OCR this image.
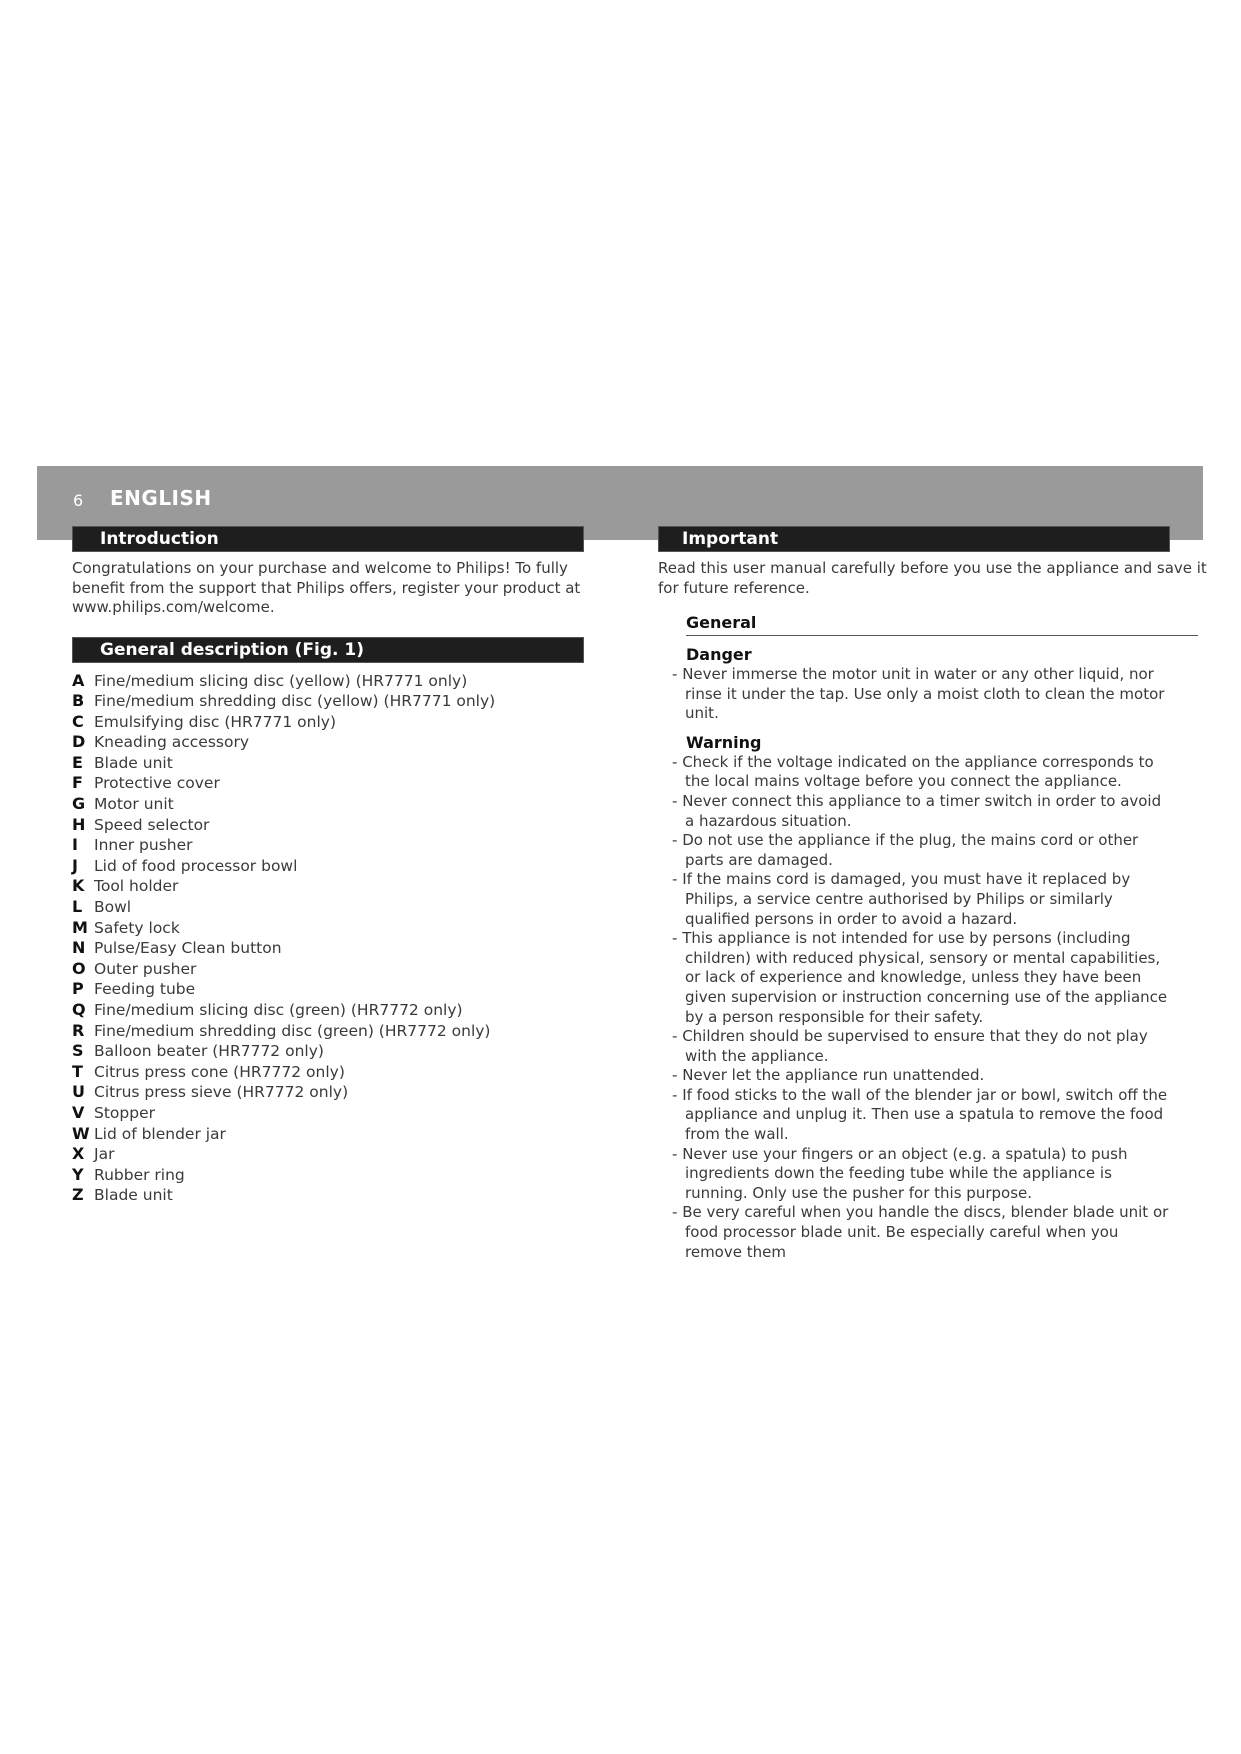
6 ENGLISH
Introduction
Congratulations on your purchase and welcome to Philips! To fully benefit from the support that Philips offers, register your product at www.philips.com/welcome.
General description (Fig. 1)
A Fine/medium slicing disc (yellow) (HR7771 only)
B Fine/medium shredding disc (yellow) (HR7771 only)
C Emulsifying disc (HR7771 only)
D Kneading accessory
E Blade unit
F Protective cover
G Motor unit
H Speed selector
I Inner pusher
J Lid of food processor bowl
K Tool holder
L Bowl
M Safety lock
N Pulse/Easy Clean button
O Outer pusher
P Feeding tube
Q Fine/medium slicing disc (green) (HR7772 only)
R Fine/medium shredding disc (green) (HR7772 only)
S Balloon beater (HR7772 only)
T Citrus press cone (HR7772 only)
U Citrus press sieve (HR7772 only)
V Stopper
W Lid of blender jar
X Jar
Y Rubber ring
Z Blade unit
Important
Read this user manual carefully before you use the appliance and save it for future reference.
General
Danger
- Never immerse the motor unit in water or any other liquid, nor rinse it under the tap. Use only a moist cloth to clean the motor unit.
Warning
- Check if the voltage indicated on the appliance corresponds to the local mains voltage before you connect the appliance.
- Never connect this appliance to a timer switch in order to avoid a hazardous situation.
- Do not use the appliance if the plug, the mains cord or other parts are damaged.
- If the mains cord is damaged, you must have it replaced by Philips, a service centre authorised by Philips or similarly qualified persons in order to avoid a hazard.
- This appliance is not intended for use by persons (including children) with reduced physical, sensory or mental capabilities, or lack of experience and knowledge, unless they have been given supervision or instruction concerning use of the appliance by a person responsible for their safety.
- Children should be supervised to ensure that they do not play with the appliance.
- Never let the appliance run unattended.
- If food sticks to the wall of the blender jar or bowl, switch off the appliance and unplug it. Then use a spatula to remove the food from the wall.
- Never use your fingers or an object (e.g. a spatula) to push ingredients down the feeding tube while the appliance is running. Only use the pusher for this purpose.
- Be very careful when you handle the discs, blender blade unit or food processor blade unit. Be especially careful when you remove them
